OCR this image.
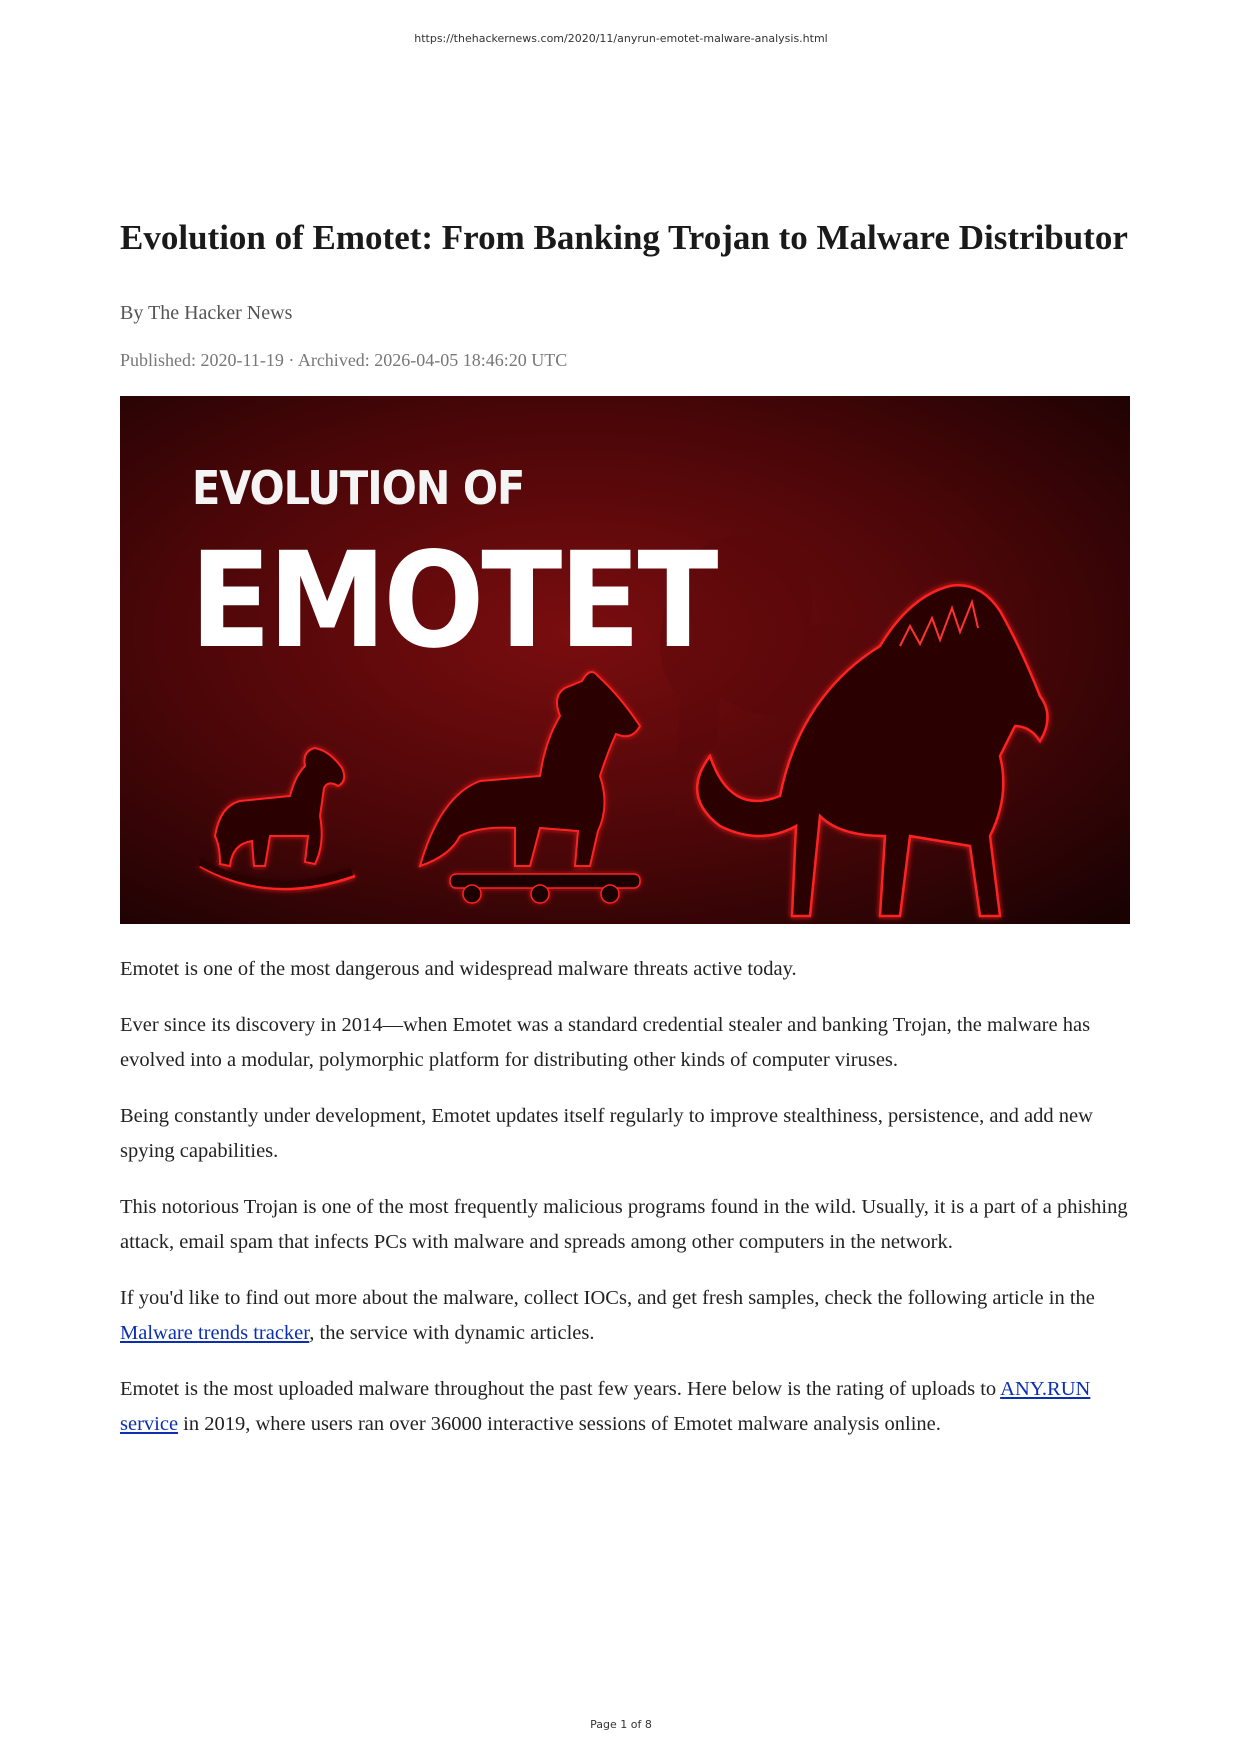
https://thehackernews.com/2020/11/anyrun-emotet-malware-analysis.html
Evolution of Emotet: From Banking Trojan to Malware Distributor
By The Hacker News
Published: 2020-11-19 · Archived: 2026-04-05 18:46:20 UTC
EVOLUTION OF
EMOTET

Emotet is one of the most dangerous and widespread malware threats active today.

Ever since its discovery in 2014—when Emotet was a standard credential stealer and banking Trojan, the malware has evolved into a modular, polymorphic platform for distributing other kinds of computer viruses.

Being constantly under development, Emotet updates itself regularly to improve stealthiness, persistence, and add new spying capabilities.

This notorious Trojan is one of the most frequently malicious programs found in the wild. Usually, it is a part of a phishing attack, email spam that infects PCs with malware and spreads among other computers in the network.

If you'd like to find out more about the malware, collect IOCs, and get fresh samples, check the following article in the Malware trends tracker, the service with dynamic articles.

Emotet is the most uploaded malware throughout the past few years. Here below is the rating of uploads to ANY.RUN service in 2019, where users ran over 36000 interactive sessions of Emotet malware analysis online.

Page 1 of 8
